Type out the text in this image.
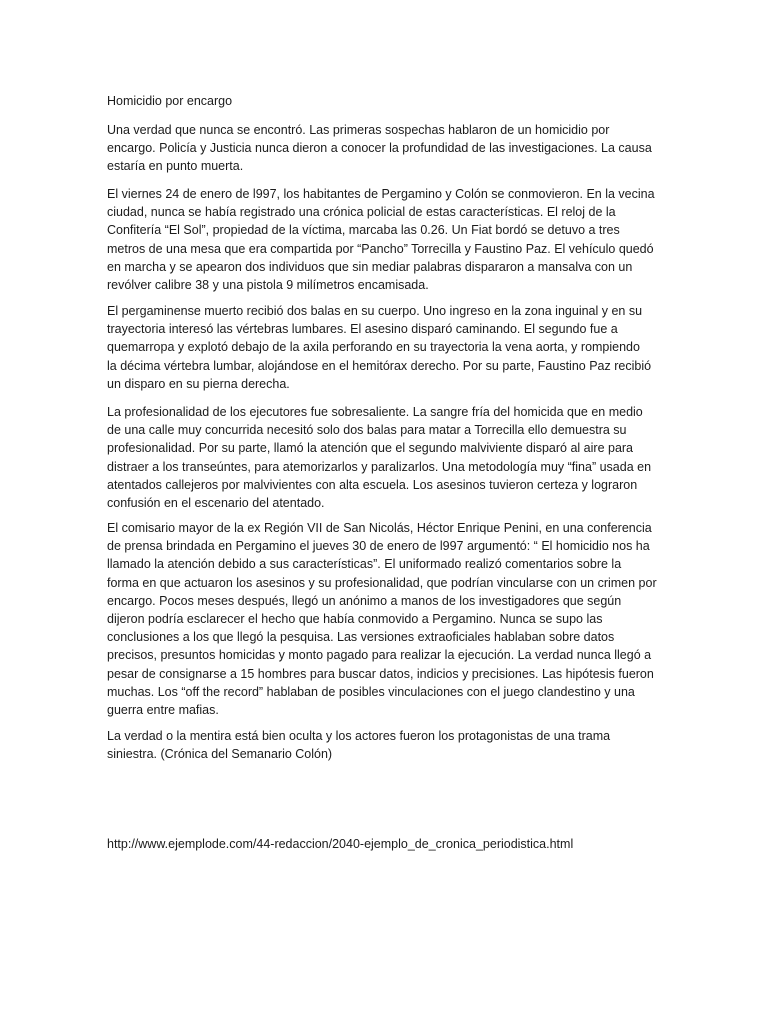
Homicidio por encargo
Una verdad que nunca se encontró. Las primeras sospechas hablaron de un homicidio por
encargo. Policía y Justicia nunca dieron a conocer la profundidad de las investigaciones. La causa
estaría en punto muerta.
El viernes 24 de enero de l997, los habitantes de Pergamino y Colón se conmovieron. En la vecina
ciudad, nunca se había registrado una crónica policial de estas características. El reloj de la
Confitería “El Sol”, propiedad de la víctima, marcaba las 0.26. Un Fiat bordó se detuvo a tres
metros de una mesa que era compartida por “Pancho” Torrecilla y Faustino Paz. El vehículo quedó
en marcha y se apearon dos individuos que sin mediar palabras dispararon a mansalva con un
revólver calibre 38 y una pistola 9 milímetros encamisada.
El pergaminense muerto recibió dos balas en su cuerpo. Uno ingreso en la zona inguinal y en su
trayectoria interesó las vértebras lumbares. El asesino disparó caminando. El segundo fue a
quemarropa y explotó debajo de la axila perforando en su trayectoria la vena aorta, y rompiendo
la décima vértebra lumbar, alojándose en el hemitórax derecho. Por su parte, Faustino Paz recibió
un disparo en su pierna derecha.
La profesionalidad de los ejecutores fue sobresaliente. La sangre fría del homicida que en medio
de una calle muy concurrida necesitó solo dos balas para matar a Torrecilla ello demuestra su
profesionalidad. Por su parte, llamó la atención que el segundo malviviente disparó al aire para
distraer a los transeúntes, para atemorizarlos y paralizarlos. Una metodología muy “fina” usada en
atentados callejeros por malvivientes con alta escuela. Los asesinos tuvieron certeza y lograron
confusión en el escenario del atentado.
El comisario mayor de la ex Región VII de San Nicolás, Héctor Enrique Penini, en una conferencia
de prensa brindada en Pergamino el jueves 30 de enero de l997 argumentó: “ El homicidio nos ha
llamado la atención debido a sus características”. El uniformado realizó comentarios sobre la
forma en que actuaron los asesinos y su profesionalidad, que podrían vincularse con un crimen por
encargo. Pocos meses después, llegó un anónimo a manos de los investigadores que según
dijeron podría esclarecer el hecho que había conmovido a Pergamino. Nunca se supo las
conclusiones a los que llegó la pesquisa. Las versiones extraoficiales hablaban sobre datos
precisos, presuntos homicidas y monto pagado para realizar la ejecución. La verdad nunca llegó a
pesar de consignarse a 15 hombres para buscar datos, indicios y precisiones. Las hipótesis fueron
muchas. Los “off the record” hablaban de posibles vinculaciones con el juego clandestino y una
guerra entre mafias.
La verdad o la mentira está bien oculta y los actores fueron los protagonistas de una trama
siniestra. (Crónica del Semanario Colón)
http://www.ejemplode.com/44-redaccion/2040-ejemplo_de_cronica_periodistica.html
